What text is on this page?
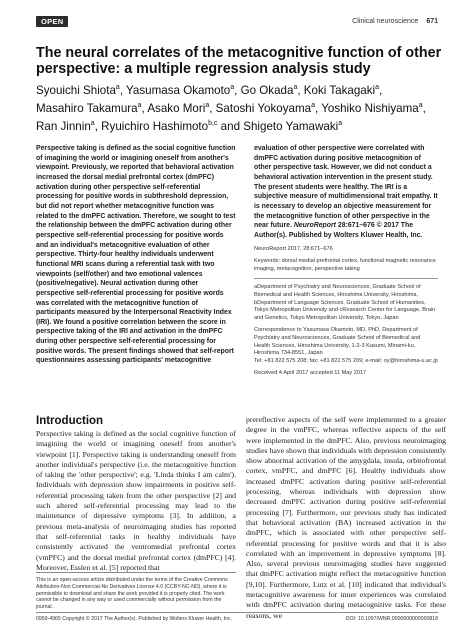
OPEN	Clinical neuroscience 671
The neural correlates of the metacognitive function of other perspective: a multiple regression analysis study
Syouichi Shiota$^a$, Yasumasa Okamoto$^a$, Go Okada$^a$, Koki Takagaki$^a$,
Masahiro Takamura$^a$, Asako Mori$^a$, Satoshi Yokoyama$^a$, Yoshiko Nishiyama$^a$,
Ran Jinnin$^a$, Ryuichiro Hashimoto$^{b,c}$ and Shigeto Yamawaki$^a$
Perspective taking is defined as the social cognitive function of imagining the world or imagining oneself from another's viewpoint. Previously, we reported that behavioral activation increased the dorsal medial prefrontal cortex (dmPFC) activation during other perspective self-referential processing for positive words in subthreshold depression, but did not report whether metacognitive function was related to the dmPFC activation. Therefore, we sought to test the relationship between the dmPFC activation during other perspective self-referential processing for positive words and an individual's metacognitive evaluation of other perspective. Thirty-four healthy individuals underwent functional MRI scans during a referential task with two viewpoints (self/other) and two emotional valences (positive/negative). Neural activation during other perspective self-referential processing for positive words was correlated with the metacognitive function of participants measured by the Interpersonal Reactivity Index (IRI). We found a positive correlation between the score in perspective taking of the IRI and activation in the dmPFC during other perspective self-referential processing for positive words. The present findings showed that self-report questionnaires assessing participants' metacognitive
evaluation of other perspective were correlated with dmPFC activation during positive metacognition of other perspective task. However, we did not conduct a behavioral activation intervention in the present study. The present students were healthy. The IRI is a subjective measure of multidimensional trait empathy. It is necessary to develop an objective measurement for the metacognitive function of other perspective in the near future. NeuroReport 28:671–676 © 2017 The Author(s). Published by Wolters Kluwer Health, Inc.
NeuroReport 2017, 28:671–676
Keywords: dorsal medial prefrontal cortex, functional magnetic resonance imaging, metacognition, perspective taking
aDepartment of Psychiatry and Neurosciences, Graduate School of Biomedical and Health Sciences, Hiroshima University, Hiroshima, bDepartment of Language Sciences, Graduate School of Humanities, Tokyo Metropolitan University and cResearch Center for Language, Brain and Genetics, Tokyo Metropolitan University, Tokyo, Japan
Correspondence to Yasumasa Okamoto, MD, PhD, Department of Psychiatry and Neurosciences, Graduate School of Biomedical and Health Sciences, Hiroshima University, 1-2-3 Kasumi, Minami-ku, Hiroshima 734-8551, Japan
Tel: +81 822 575 208; fax: +81 822 575 209; e-mail: oy@hiroshima-u.ac.jp
Received 4 April 2017 accepted 11 May 2017
Introduction
Perspective taking is defined as the social cognitive function of imagining the world or imagining oneself from another's viewpoint [1]. Perspective taking is understanding oneself from another individual's perspective (i.e. the metacognitive function of taking the 'other perspective'; e.g. 'Linda thinks I am calm'). Individuals with depression show impairments in positive self-referential processing taken from the other perspective [2] and such altered self-referential processing may lead to the maintenance of depressive symptoms [3]. In addition, a previous meta-analysis of neuroimaging studies has reported that self-referential tasks in healthy individuals have consistently activated the ventromedial prefrontal cortex (vmPFC) and the dorsal medial prefrontal cortex (dmPFC) [4]. Moreover, Esslen et al. [5] reported that
prereflective aspects of the self were implemented to a greater degree in the vmPFC, whereas reflective aspects of the self were implemented in the dmPFC. Also, previous neuroimaging studies have shown that individuals with depression consistently show abnormal activation of the amygdala, insula, orbitofrontal cortex, vmPFC, and dmPFC [6]. Healthy individuals show increased dmPFC activation during positive self-referential processing, whereas individuals with depression show decreased dmPFC activation during positive self-referential processing [7]. Furthermore, our previous study has indicated that behavioral activation (BA) increased activation in the dmPFC, which is associated with other perspective self-referential processing for positive words and that it is also correlated with an improvement in depressive symptoms [8]. Also, several previous neuroimaging studies have suggested that dmPFC activation might reflect the metacognitive function [9,10]. Furthermore, Lutz et al. [10] indicated that individual's metacognitive awareness for inner experiences was correlated with dmPFC activation during metacognitive tasks. For these reasons, we
This is an open-access article distributed under the terms of the Creative Commons Attribution-Non Commercial-No Derivatives License 4.0 (CCBY-NC-ND), where it is permissible to download and share the work provided it is properly cited. The work cannot be changed in any way or used commercially without permission from the journal.
0959-4965 Copyright © 2017 The Author(s). Published by Wolters Kluwer Health, Inc.	DOI: 10.1097/WNR.0000000000000818
